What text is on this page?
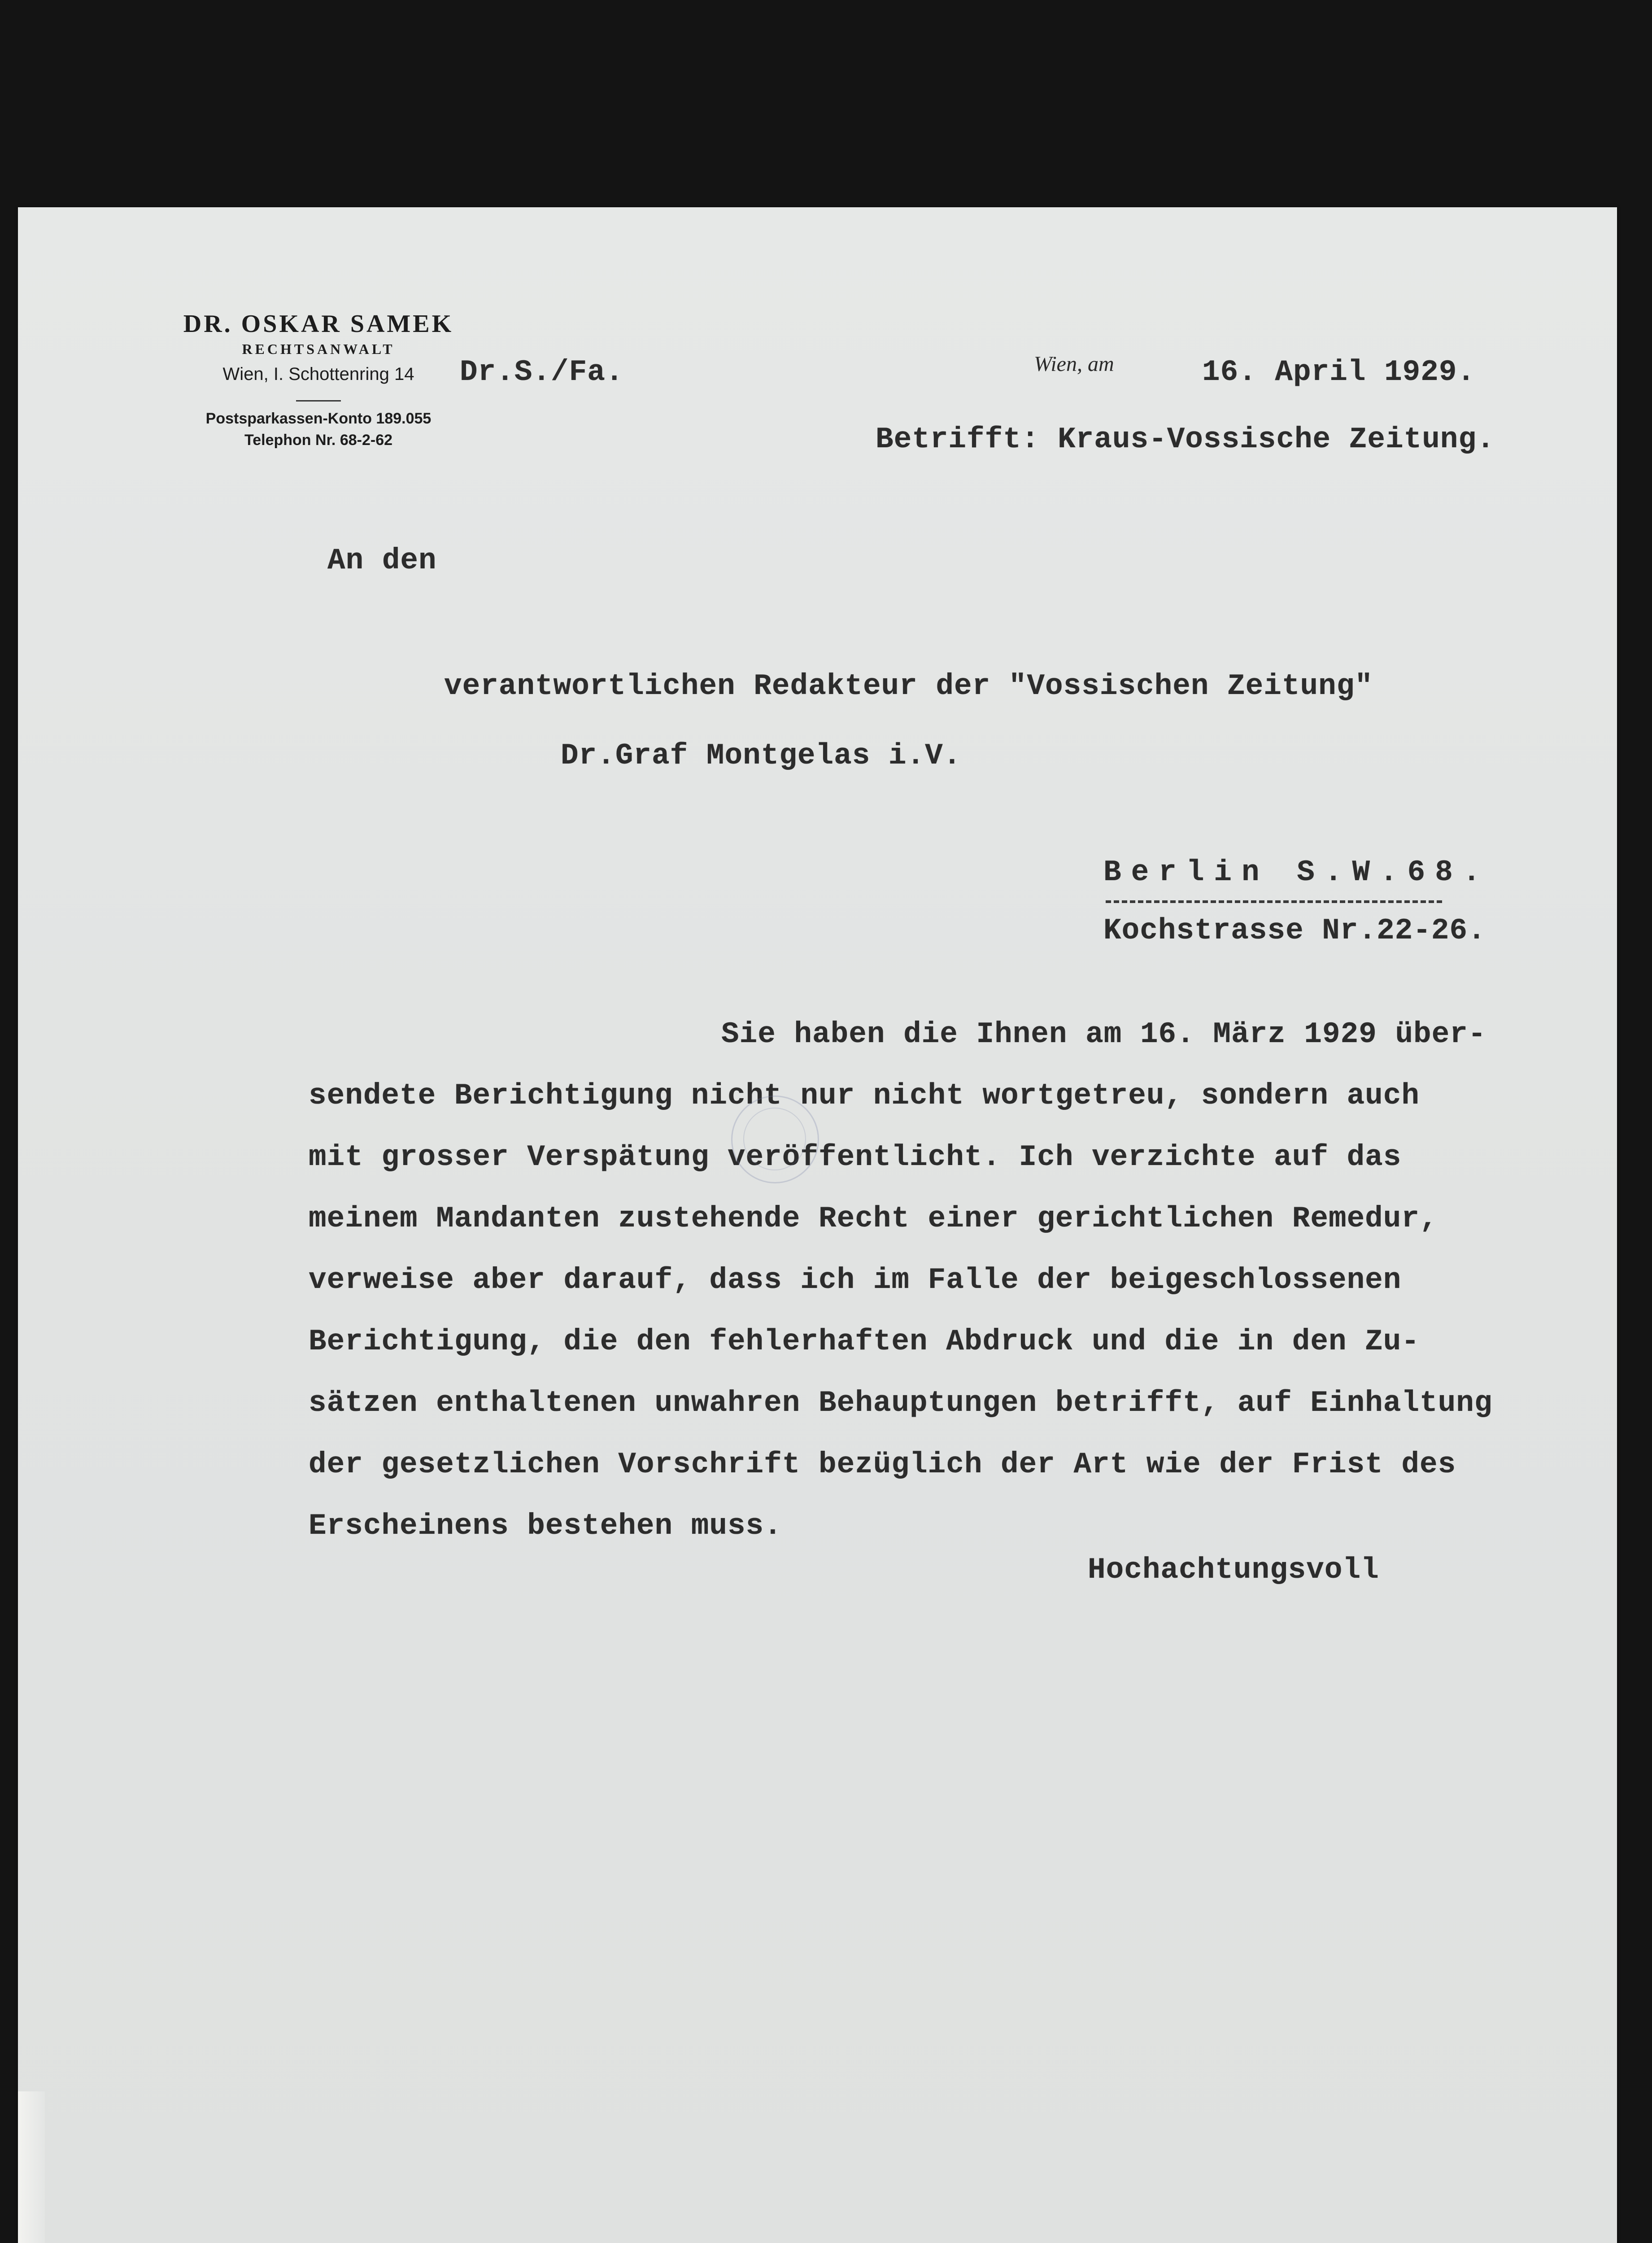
DR. OSKAR SAMEK
RECHTSANWALT
Wien, I. Schottenring 14
Postsparkassen-Konto 189.055
Telephon Nr. 68-2-62
Dr.S./Fa.	Wien, am	16. April 1929.
Betrifft: Kraus-Vossische Zeitung.
An den
verantwortlichen Redakteur der "Vossischen Zeitung"
Dr.Graf Montgelas i.V.
Berlin S.W.68.
Kochstrasse Nr.22-26.
Sie haben die Ihnen am 16. März 1929 über-
sendete Berichtigung nicht nur nicht wortgetreu, sondern auch
mit grosser Verspätung veröffentlicht. Ich verzichte auf das
meinem Mandanten zustehende Recht einer gerichtlichen Remedur,
verweise aber darauf, dass ich im Falle der beigeschlossenen
Berichtigung, die den fehlerhaften Abdruck und die in den Zu-
sätzen enthaltenen unwahren Behauptungen betrifft, auf Einhaltung
der gesetzlichen Vorschrift bezüglich der Art wie der Frist des
Erscheinens bestehen muss.
Hochachtungsvoll
